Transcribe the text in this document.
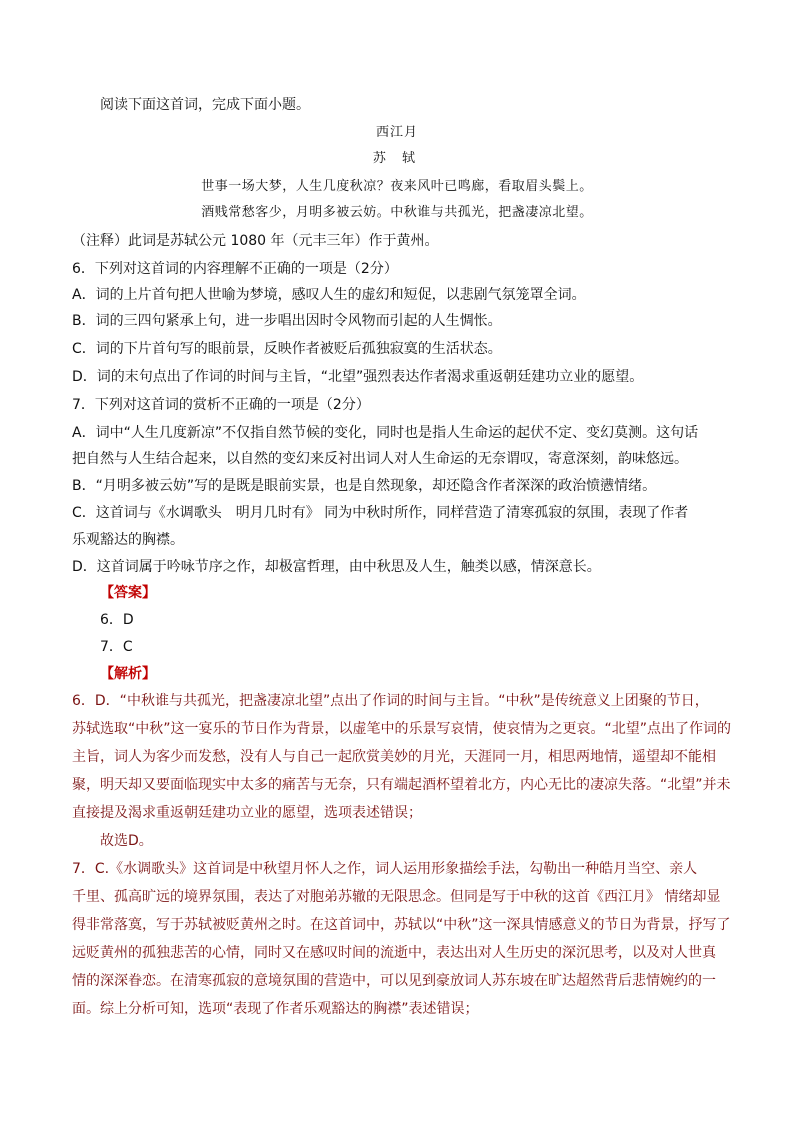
阅读下面这首词，完成下面小题。
西江月
苏 轼
世事一场大梦，人生几度秋凉？夜来风叶已鸣廊，看取眉头鬓上。
酒贱常愁客少，月明多被云妨。中秋谁与共孤光，把盏凄凉北望。
（注释）此词是苏轼公元 1080 年（元丰三年）作于黄州。
6．下列对这首词的内容理解不正确的一项是（2分）
A．词的上片首句把人世喻为梦境，感叹人生的虚幻和短促，以悲剧气氛笼罩全词。
B．词的三四句紧承上句，进一步唱出因时令风物而引起的人生惆怅。
C．词的下片首句写的眼前景，反映作者被贬后孤独寂寞的生活状态。
D．词的末句点出了作词的时间与主旨，“北望”强烈表达作者渴求重返朝廷建功立业的愿望。
7．下列对这首词的赏析不正确的一项是（2分）
A．词中“人生几度新凉”不仅指自然节候的变化，同时也是指人生命运的起伏不定、变幻莫测。这句话
把自然与人生结合起来，以自然的变幻来反衬出词人对人生命运的无奈谓叹，寄意深刻，韵味悠远。
B．“月明多被云妨”写的是既是眼前实景，也是自然现象，却还隐含作者深深的政治愤懑情绪。
C．这首词与《水调歌头　明月几时有》 同为中秋时所作，同样营造了清寒孤寂的氛围，表现了作者
乐观豁达的胸襟。
D．这首词属于吟咏节序之作，却极富哲理，由中秋思及人生，触类以感，情深意长。
【答案】
6．D
7．C
【解析】
6．D．“中秋谁与共孤光，把盏凄凉北望”点出了作词的时间与主旨。“中秋”是传统意义上团聚的节日，
苏轼选取“中秋”这一宴乐的节日作为背景，以虚笔中的乐景写哀情，使哀情为之更哀。“北望”点出了作词的
主旨，词人为客少而发愁，没有人与自己一起欣赏美妙的月光，天涯同一月，相思两地情，遥望却不能相
聚，明天却又要面临现实中太多的痛苦与无奈，只有端起酒杯望着北方，内心无比的凄凉失落。“北望”并未
直接提及渴求重返朝廷建功立业的愿望，选项表述错误；
故选D。
7．C.《水调歌头》这首词是中秋望月怀人之作，词人运用形象描绘手法，勾勒出一种皓月当空、亲人
千里、孤高旷远的境界氛围，表达了对胞弟苏辙的无限思念。但同是写于中秋的这首《西江月》 情绪却显
得非常落寞，写于苏轼被贬黄州之时。在这首词中，苏轼以“中秋”这一深具情感意义的节日为背景，抒写了
远贬黄州的孤独悲苦的心情，同时又在感叹时间的流逝中，表达出对人生历史的深沉思考，以及对人世真
情的深深眷恋。在清寒孤寂的意境氛围的营造中，可以见到豪放词人苏东坡在旷达超然背后悲情婉约的一
面。综上分析可知，选项“表现了作者乐观豁达的胸襟”表述错误；
